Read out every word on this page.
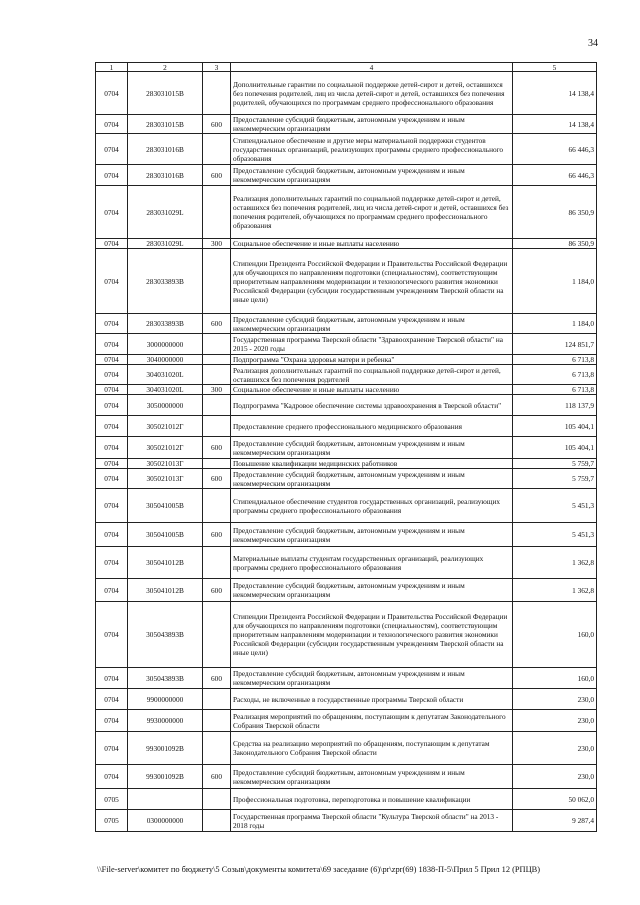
34
1	2	3	4	5
0704	283031015B		Дополнительные гарантии по социальной поддержке детей-сирот и детей, оставшихся без попечения родителей, лиц из числа детей-сирот и детей, оставшихся без попечения родителей, обучающихся по программам среднего профессионального образования	14 138,4
0704	283031015B	600	Предоставление субсидий бюджетным, автономным учреждениям и иным некоммерческим организациям	14 138,4
0704	283031016B		Стипендиальное обеспечение и другие меры материальной поддержки студентов государственных организаций, реализующих программы среднего профессионального образования	66 446,3
0704	283031016B	600	Предоставление субсидий бюджетным, автономным учреждениям и иным некоммерческим организациям	66 446,3
0704	283031029L		Реализация дополнительных гарантий по социальной поддержке детей-сирот и детей, оставшихся без попечения родителей, лиц из числа детей-сирот и детей, оставшихся без попечения родителей, обучающихся по программам среднего профессионального образования	86 350,9
0704	283031029L	300	Социальное обеспечение и иные выплаты населению	86 350,9
0704	283033893B		Стипендии Президента Российской Федерации и Правительства Российской Федерации для обучающихся по направлениям подготовки (специальностям), соответствующим приоритетным направлениям модернизации и технологического развития экономики Российской Федерации (субсидии государственным учреждениям Тверской области на иные цели)	1 184,0
0704	283033893B	600	Предоставление субсидий бюджетным, автономным учреждениям и иным некоммерческим организациям	1 184,0
0704	3000000000		Государственная программа Тверской области "Здравоохранение Тверской области" на 2015 - 2020 годы	124 851,7
0704	3040000000		Подпрограмма "Охрана здоровья матери и ребенка"	6 713,8
0704	304031020L		Реализация дополнительных гарантий по социальной поддержке детей-сирот и детей, оставшихся без попечения родителей	6 713,8
0704	304031020L	300	Социальное обеспечение и иные выплаты населению	6 713,8
0704	3050000000		Подпрограмма "Кадровое обеспечение системы здравоохранения в Тверской области"	118 137,9
0704	305021012Г		Предоставление среднего профессионального медицинского образования	105 404,1
0704	305021012Г	600	Предоставление субсидий бюджетным, автономным учреждениям и иным некоммерческим организациям	105 404,1
0704	305021013Г		Повышение квалификации медицинских работников	5 759,7
0704	305021013Г	600	Предоставление субсидий бюджетным, автономным учреждениям и иным некоммерческим организациям	5 759,7
0704	305041005B		Стипендиальное обеспечение студентов государственных организаций, реализующих программы среднего профессионального образования	5 451,3
0704	305041005B	600	Предоставление субсидий бюджетным, автономным учреждениям и иным некоммерческим организациям	5 451,3
0704	305041012B		Материальные выплаты студентам государственных организаций, реализующих программы среднего профессионального образования	1 362,8
0704	305041012B	600	Предоставление субсидий бюджетным, автономным учреждениям и иным некоммерческим организациям	1 362,8
0704	305043893B		Стипендии Президента Российской Федерации и Правительства Российской Федерации для обучающихся по направлениям подготовки (специальностям), соответствующим приоритетным направлениям модернизации и технологического развития экономики Российской Федерации (субсидии государственным учреждениям Тверской области на иные цели)	160,0
0704	305043893B	600	Предоставление субсидий бюджетным, автономным учреждениям и иным некоммерческим организациям	160,0
0704	9900000000		Расходы, не включенные в государственные программы Тверской области	230,0
0704	9930000000		Реализация мероприятий по обращениям, поступающим к депутатам Законодательного Собрания Тверской области	230,0
0704	993001092B		Средства на реализацию мероприятий по обращениям, поступающим к депутатам Законодательного Собрания Тверской области	230,0
0704	993001092B	600	Предоставление субсидий бюджетным, автономным учреждениям и иным некоммерческим организациям	230,0
0705			Профессиональная подготовка, переподготовка и повышение квалификации	50 062,0
0705	0300000000		Государственная программа Тверской области "Культура Тверской области" на 2013 - 2018 годы	9 287,4
\\File-server\комитет по бюджету\5 Созыв\документы комитета\69 заседание (6)\pr\zpr(69) 1838-П-5\Прил 5 Прил 12 (РПЦВ)
